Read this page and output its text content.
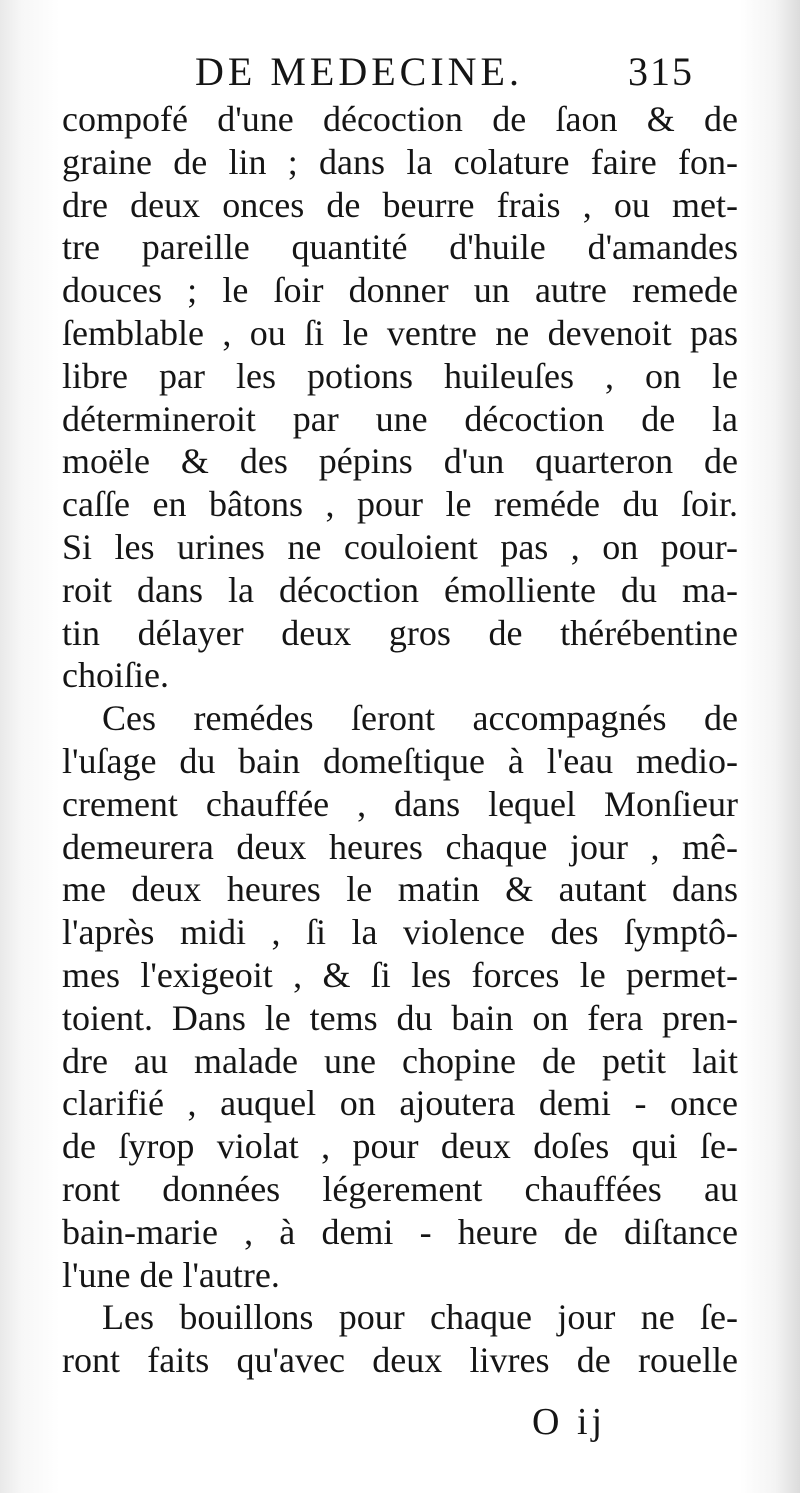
DE MEDECINE.	315
compofé d'une décoction de ſaon & de
graine de lin ; dans la colature faire fon-
dre deux onces de beurre frais , ou met-
tre pareille quantité d'huile d'amandes
douces ; le ſoir donner un autre remede
ſemblable , ou ſi le ventre ne devenoit pas
libre par les potions huileuſes , on le
détermineroit par une décoction de la
moële & des pépins d'un quarteron de
caſſe en bâtons , pour le reméde du ſoir.
Si les urines ne couloient pas , on pour-
roit dans la décoction émolliente du ma-
tin délayer deux gros de thérébentine
choiſie.
Ces remédes ſeront accompagnés de
l'uſage du bain domeſtique à l'eau medio-
crement chauffée , dans lequel Monſieur
demeurera deux heures chaque jour , mê-
me deux heures le matin & autant dans
l'après midi , ſi la violence des ſymptô-
mes l'exigeoit , & ſi les forces le permet-
toient. Dans le tems du bain on fera pren-
dre au malade une chopine de petit lait
clarifié , auquel on ajoutera demi - once
de ſyrop violat , pour deux doſes qui ſe-
ront données légerement chauffées au
bain-marie , à demi - heure de diſtance
l'une de l'autre.
Les bouillons pour chaque jour ne ſe-
ront faits qu'avec deux livres de rouelle
O ij
